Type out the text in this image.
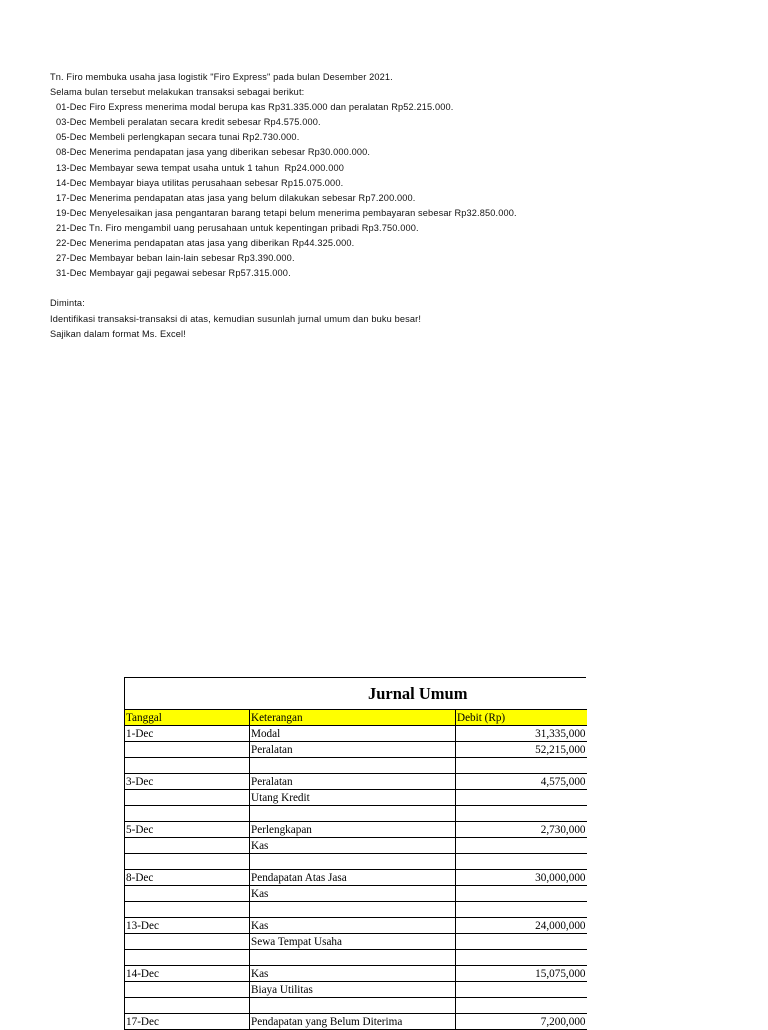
Tn. Firo membuka usaha jasa logistik "Firo Express" pada bulan Desember 2021.
Selama bulan tersebut melakukan transaksi sebagai berikut:
01-Dec Firo Express menerima modal berupa kas Rp31.335.000 dan peralatan Rp52.215.000.
03-Dec Membeli peralatan secara kredit sebesar Rp4.575.000.
05-Dec Membeli perlengkapan secara tunai Rp2.730.000.
08-Dec Menerima pendapatan jasa yang diberikan sebesar Rp30.000.000.
13-Dec Membayar sewa tempat usaha untuk 1 tahun  Rp24.000.000
14-Dec Membayar biaya utilitas perusahaan sebesar Rp15.075.000.
17-Dec Menerima pendapatan atas jasa yang belum dilakukan sebesar Rp7.200.000.
19-Dec Menyelesaikan jasa pengantaran barang tetapi belum menerima pembayaran sebesar Rp32.850.000.
21-Dec Tn. Firo mengambil uang perusahaan untuk kepentingan pribadi Rp3.750.000.
22-Dec Menerima pendapatan atas jasa yang diberikan Rp44.325.000.
27-Dec Membayar beban lain-lain sebesar Rp3.390.000.
31-Dec Membayar gaji pegawai sebesar Rp57.315.000.
Diminta:
Identifikasi transaksi-transaksi di atas, kemudian susunlah jurnal umum dan buku besar!
Sajikan dalam format Ms. Excel!
Jurnal Umum
Tanggal	Keterangan	Debit (Rp)
1-Dec	Modal	31,335,000
	Peralatan	52,215,000

3-Dec	Peralatan	4,575,000
	Utang Kredit	

5-Dec	Perlengkapan	2,730,000
	Kas	

8-Dec	Pendapatan Atas Jasa	30,000,000
	Kas	

13-Dec	Kas	24,000,000
	Sewa Tempat Usaha	

14-Dec	Kas	15,075,000
	Biaya Utilitas	

17-Dec	Pendapatan yang Belum Diterima	7,200,000
